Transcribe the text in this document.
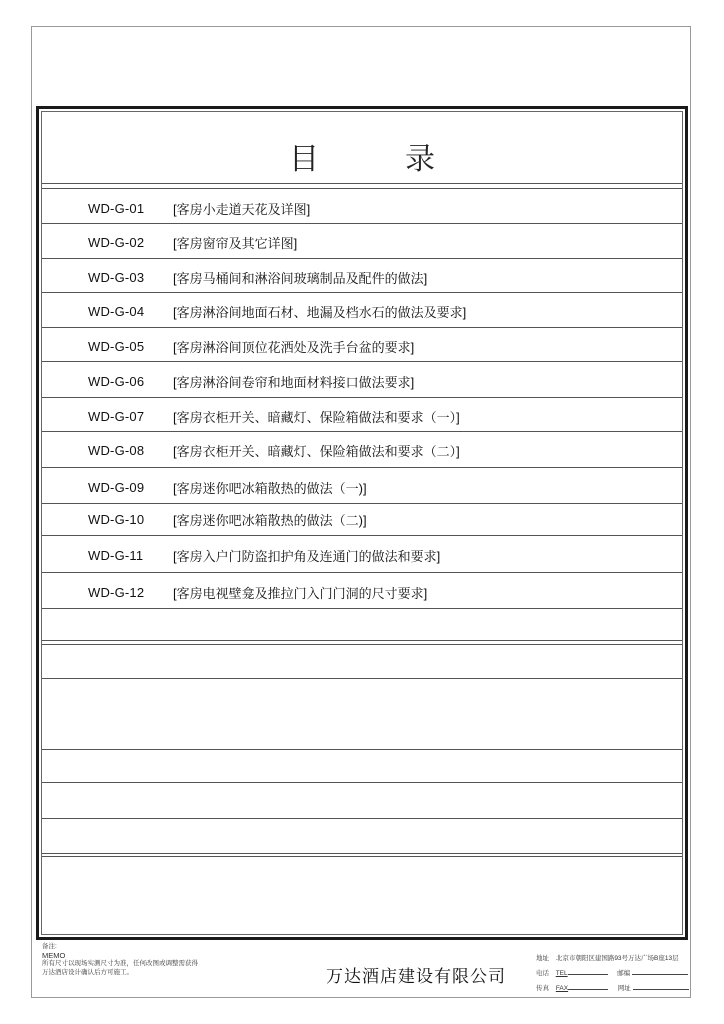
目　录
WD-G-01 [客房小走道天花及详图]
WD-G-02 [客房窗帘及其它详图]
WD-G-03 [客房马桶间和淋浴间玻璃制品及配件的做法]
WD-G-04 [客房淋浴间地面石材、地漏及档水石的做法及要求]
WD-G-05 [客房淋浴间顶位花洒处及洗手台盆的要求]
WD-G-06 [客房淋浴间卷帘和地面材料接口做法要求]
WD-G-07 [客房衣柜开关、暗藏灯、保险箱做法和要求（一）]
WD-G-08 [客房衣柜开关、暗藏灯、保险箱做法和要求（二）]
WD-G-09 [客房迷你吧冰箱散热的做法（一)]
WD-G-10 [客房迷你吧冰箱散热的做法（二)]
WD-G-11 [客房入户门防盗扣护角及连通门的做法和要求]
WD-G-12 [客房电视壁龛及推拉门入门门洞的尺寸要求]
备注:
MEMO
所有尺寸以现场实测尺寸为准，任何改图或调整需获得
万达酒店设计确认后方可施工。	万达酒店建设有限公司
地址 北京市朝阳区建国路93号万达广场B座13层
电话 TEL	邮编
传真 FAX	网址
